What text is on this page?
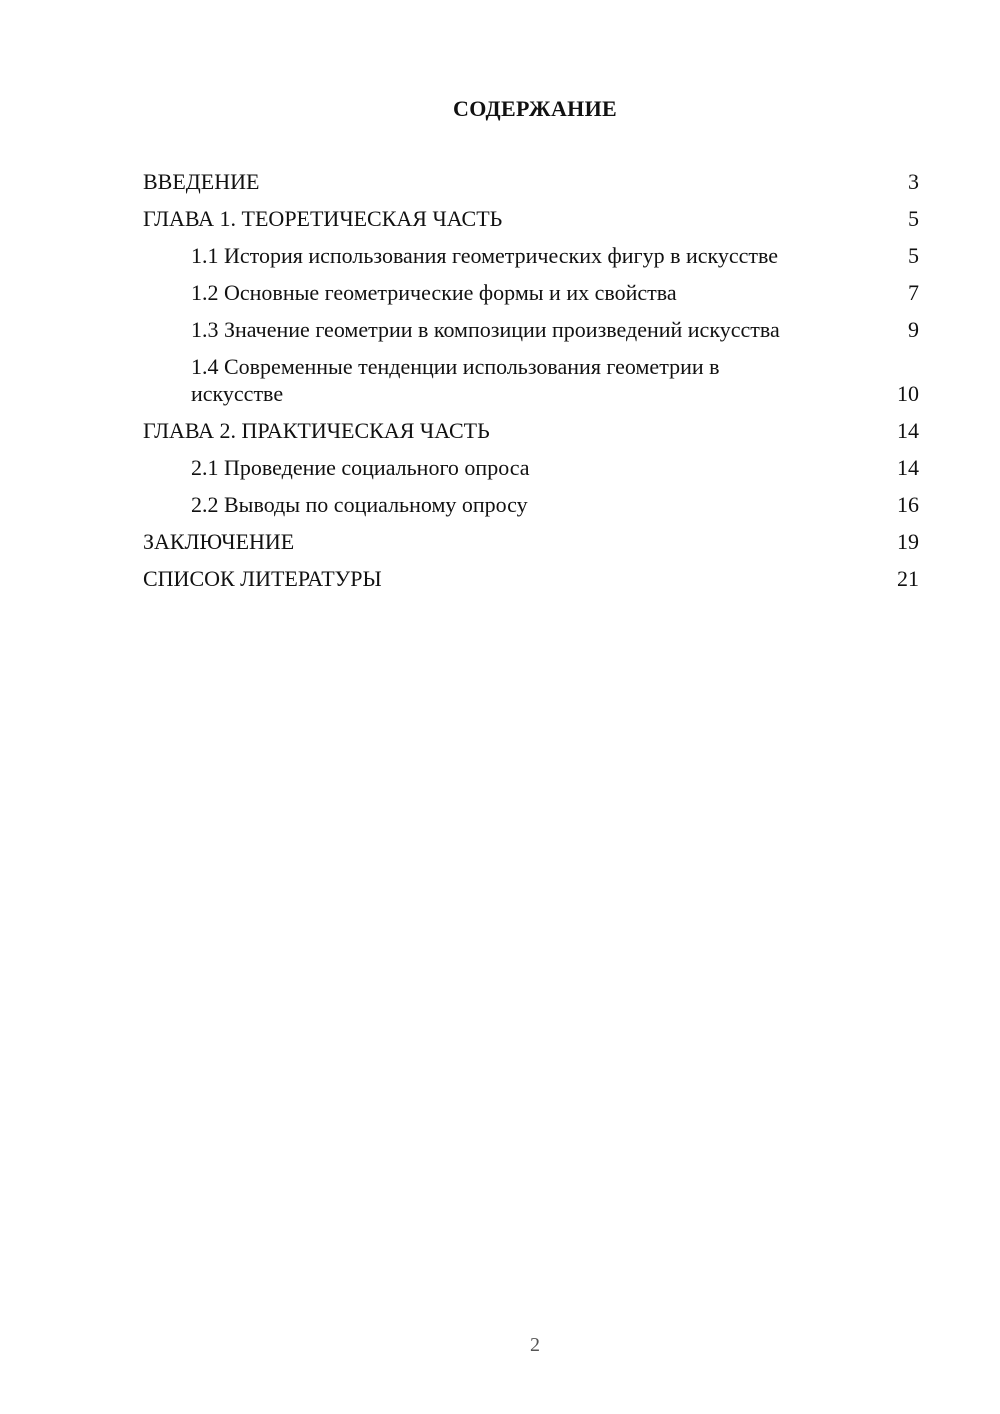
СОДЕРЖАНИЕ
ВВЕДЕНИЕ	3
ГЛАВА 1. ТЕОРЕТИЧЕСКАЯ ЧАСТЬ	5
1.1 История использования геометрических фигур в искусстве	5
1.2 Основные геометрические формы и их свойства	7
1.3 Значение геометрии в композиции произведений искусства	9
1.4 Современные тенденции использования геометрии в искусстве	10
ГЛАВА 2. ПРАКТИЧЕСКАЯ ЧАСТЬ	14
2.1 Проведение социального опроса	14
2.2 Выводы по социальному опросу	16
ЗАКЛЮЧЕНИЕ	19
СПИСОК ЛИТЕРАТУРЫ	21
2
